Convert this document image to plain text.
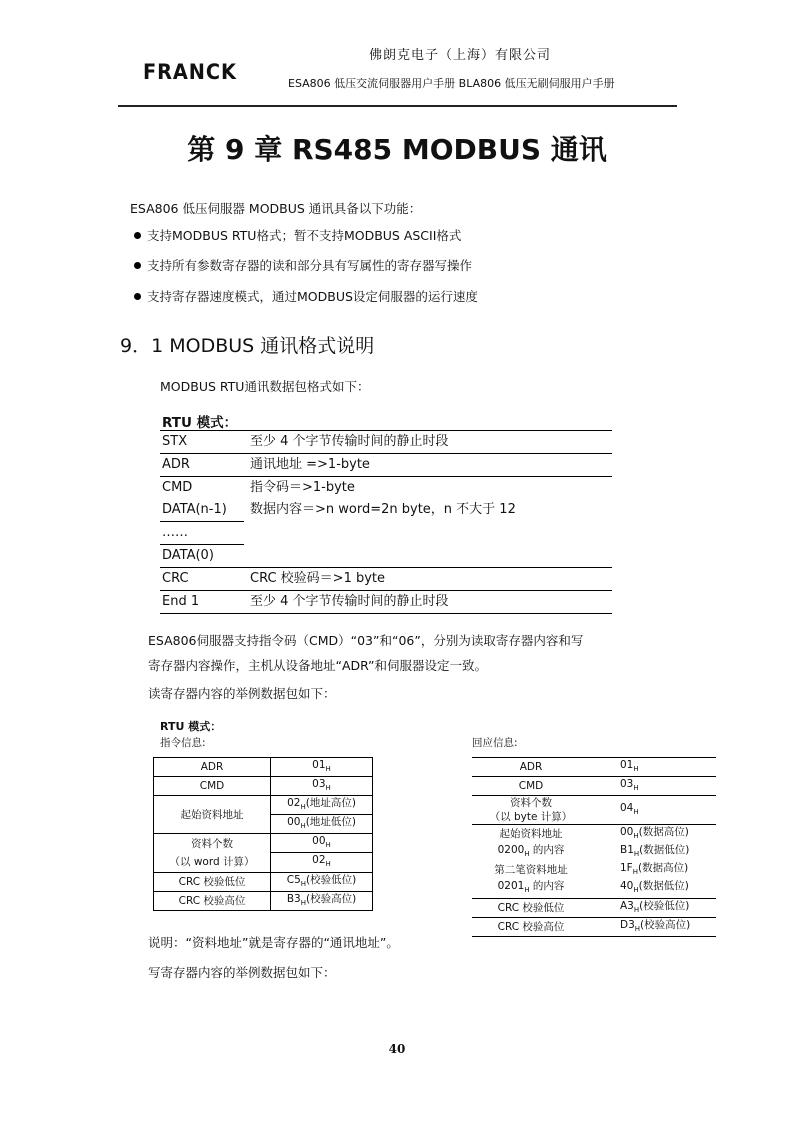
FRANCK
佛朗克电子（上海）有限公司
ESA806 低压交流伺服器用户手册 BLA806 低压无刷伺服用户手册
第 9 章 RS485 MODBUS 通讯
ESA806 低压伺服器 MODBUS 通讯具备以下功能：
支持MODBUS RTU格式；暂不支持MODBUS ASCII格式
支持所有参数寄存器的读和部分具有写属性的寄存器写操作
支持寄存器速度模式，通过MODBUS设定伺服器的运行速度
9．1 MODBUS 通讯格式说明
MODBUS RTU通讯数据包格式如下：
RTU 模式：
STX	至少 4 个字节传输时间的静止时段
ADR	通讯地址 =>1-byte
CMD	指令码＝>1-byte
DATA(n-1)	数据内容＝>n word=2n byte，n 不大于 12
……	
DATA(0)	
CRC	CRC 校验码＝>1 byte
End 1	至少 4 个字节传输时间的静止时段
ESA806伺服器支持指令码（CMD）“03”和“06”，分别为读取寄存器内容和写
寄存器内容操作，主机从设备地址“ADR”和伺服器设定一致。
读寄存器内容的举例数据包如下：
RTU 模式：
指令信息:	回应信息:
ADR	$01_H$
CMD	$03_H$
起始资料地址	$02_H$(地址高位)
	$00_H$(地址低位)
资料个数	$00_H$
（以 word 计算）	$02_H$
CRC 校验低位	$C5_H$(校验低位)
CRC 校验高位	$B3_H$(校验高位)
ADR	$01_H$
CMD	$03_H$
资料个数	$04_H$
（以 byte 计算）	
起始资料地址	$00_H$(数据高位)
$0200_H$ 的内容	$B1_H$(数据低位)
第二笔资料地址	$1F_H$(数据高位)
$0201_H$ 的内容	$40_H$(数据低位)
CRC 校验低位	$A3_H$(校验低位)
CRC 校验高位	$D3_H$(校验高位)
说明：“资料地址”就是寄存器的“通讯地址”。
写寄存器内容的举例数据包如下：
40
